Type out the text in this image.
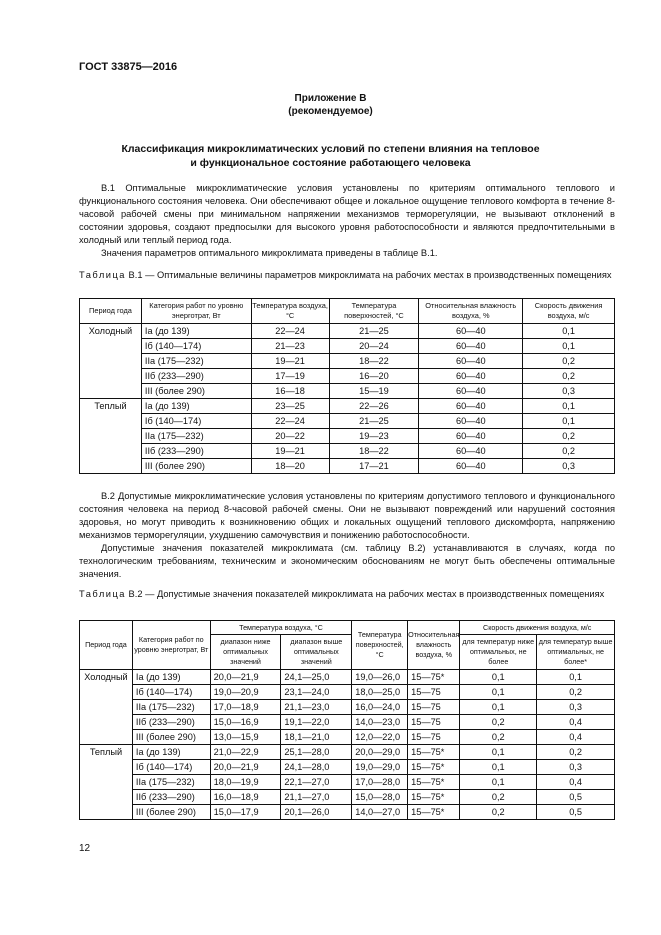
ГОСТ 33875—2016
Приложение В
(рекомендуемое)
Классификация микроклиматических условий по степени влияния на тепловое
и функциональное состояние работающего человека

В.1 Оптимальные микроклиматические условия установлены по критериям оптимального теплового и функционального состояния человека. Они обеспечивают общее и локальное ощущение теплового комфорта в течение 8-часовой рабочей смены при минимальном напряжении механизмов терморегуляции, не вызывают отклонений в состоянии здоровья, создают предпосылки для высокого уровня работоспособности и являются предпочтительными в холодный или теплый период года.

Значения параметров оптимального микроклимата приведены в таблице В.1.

Таблица В.1 — Оптимальные величины параметров микроклимата на рабочих местах в производственных помещениях
Период года	Категория работ по уровню энерготрат, Вт	Температура воздуха, °С	Температура поверхностей, °С	Относительная влажность воздуха, %	Скорость движения воздуха, м/с
Холодный	Ia (до 139)	22—24	21—25	60—40	0,1
	Iб (140—174)	21—23	20—24	60—40	0,1
	IIa (175—232)	19—21	18—22	60—40	0,2
	IIб (233—290)	17—19	16—20	60—40	0,2
	III (более 290)	16—18	15—19	60—40	0,3
Теплый	Ia (до 139)	23—25	22—26	60—40	0,1
	Iб (140—174)	22—24	21—25	60—40	0,1
	IIa (175—232)	20—22	19—23	60—40	0,2
	IIб (233—290)	19—21	18—22	60—40	0,2
	III (более 290)	18—20	17—21	60—40	0,3

В.2 Допустимые микроклиматические условия установлены по критериям допустимого теплового и функционального состояния человека на период 8-часовой рабочей смены. Они не вызывают повреждений или нарушений состояния здоровья, но могут приводить к возникновению общих и локальных ощущений теплового дискомфорта, напряжению механизмов терморегуляции, ухудшению самочувствия и понижению работоспособности.

Допустимые значения показателей микроклимата (см. таблицу В.2) устанавливаются в случаях, когда по технологическим требованиям, техническим и экономическим обоснованиям не могут быть обеспечены оптимальные значения.

Таблица В.2 — Допустимые значения показателей микроклимата на рабочих местах в производственных помещениях
Период года	Категория работ по уровню энерготрат, Вт	Температура воздуха, °С		Температура поверхностей, °С	Относительная влажность воздуха, %	Скорость движения воздуха, м/с	
		диапазон ниже оптимальных значений	диапазон выше оптимальных значений			для температур ниже оптимальных, не более	для температур выше оптимальных, не более*
Холодный	Ia (до 139)	20,0—21,9	24,1—25,0	19,0—26,0	15—75*	0,1	0,1
	Iб (140—174)	19,0—20,9	23,1—24,0	18,0—25,0	15—75	0,1	0,2
	IIa (175—232)	17,0—18,9	21,1—23,0	16,0—24,0	15—75	0,1	0,3
	IIб (233—290)	15,0—16,9	19,1—22,0	14,0—23,0	15—75	0,2	0,4
	III (более 290)	13,0—15,9	18,1—21,0	12,0—22,0	15—75	0,2	0,4
Теплый	Ia (до 139)	21,0—22,9	25,1—28,0	20,0—29,0	15—75*	0,1	0,2
	Iб (140—174)	20,0—21,9	24,1—28,0	19,0—29,0	15—75*	0,1	0,3
	IIa (175—232)	18,0—19,9	22,1—27,0	17,0—28,0	15—75*	0,1	0,4
	IIб (233—290)	16,0—18,9	21,1—27,0	15,0—28,0	15—75*	0,2	0,5
	III (более 290)	15,0—17,9	20,1—26,0	14,0—27,0	15—75*	0,2	0,5
12
